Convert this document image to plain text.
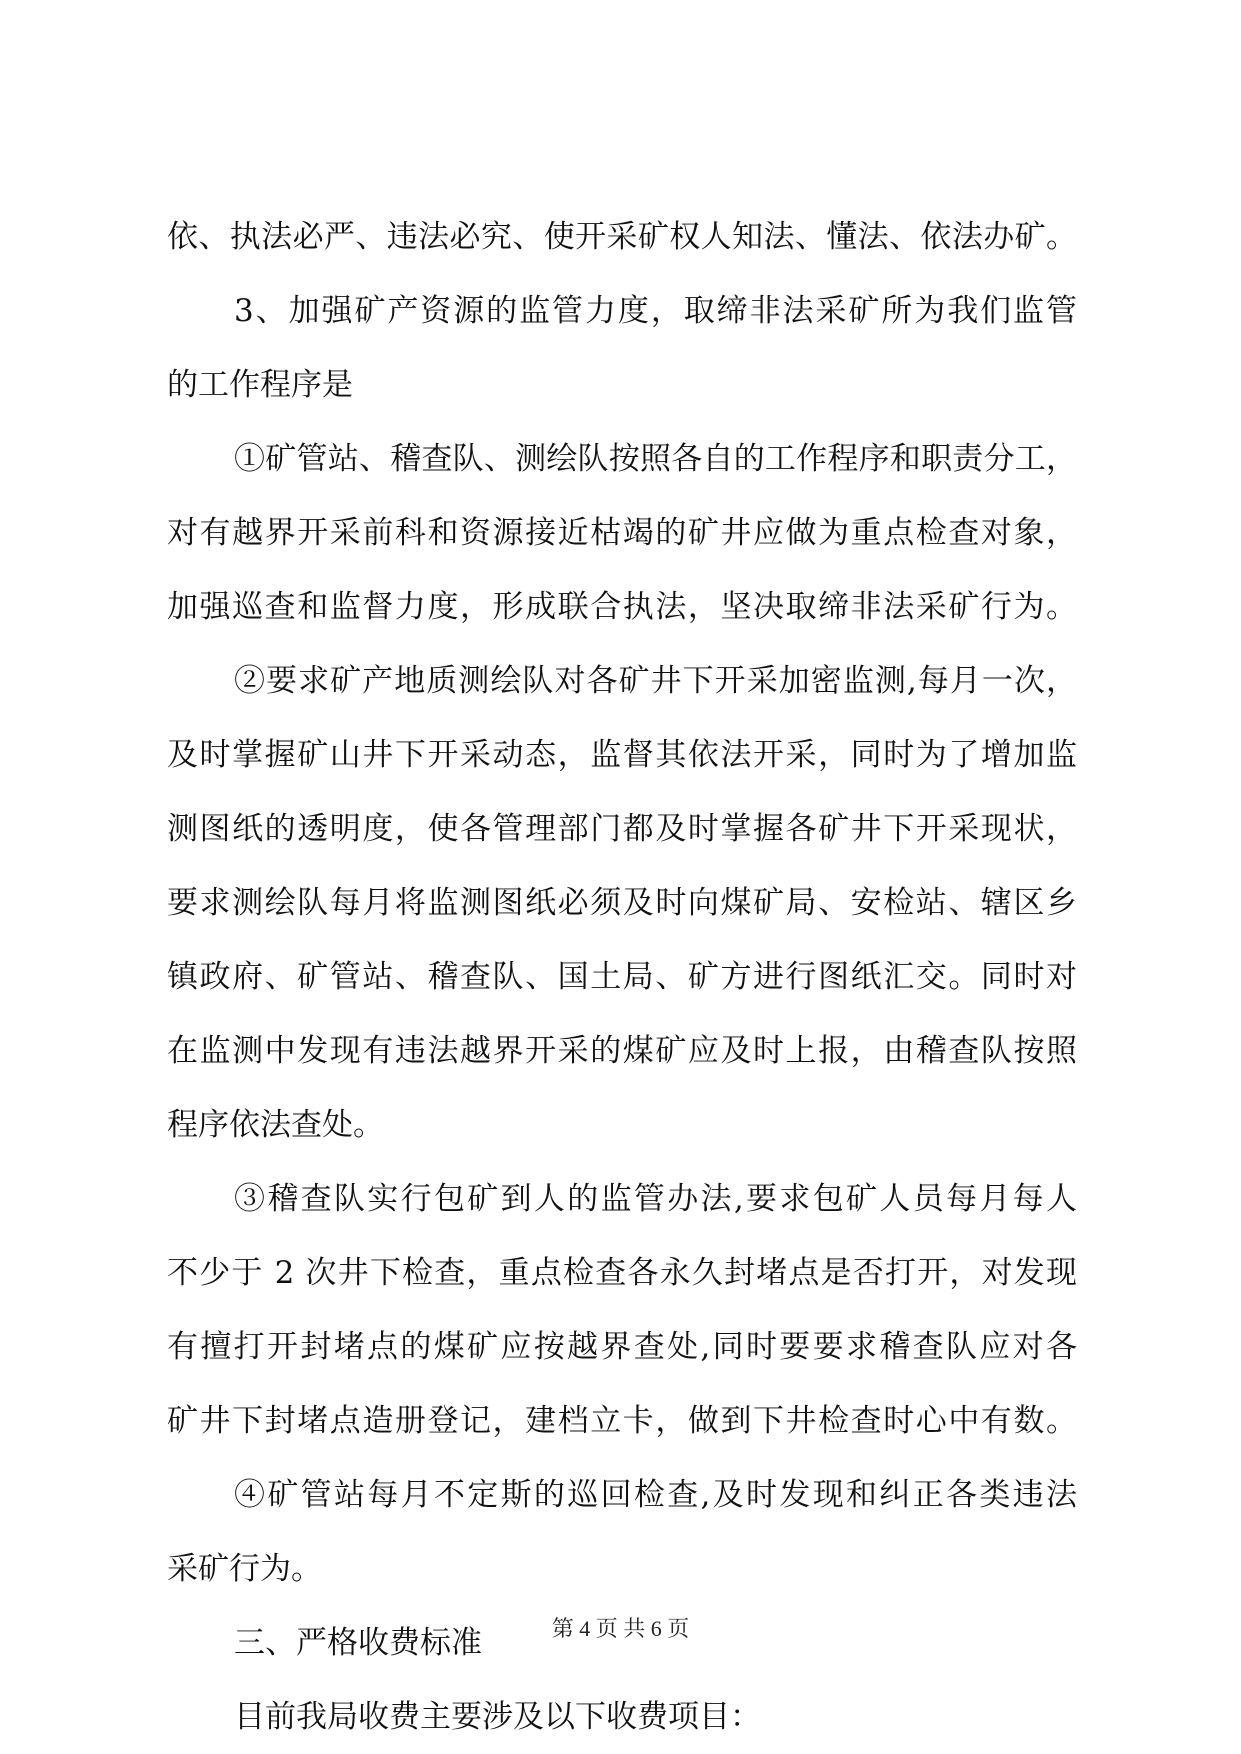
依、执法必严、违法必究、使开采矿权人知法、懂法、依法办矿。
3、加强矿产资源的监管力度，取缔非法采矿所为我们监管
的工作程序是
①矿管站、稽查队、测绘队按照各自的工作程序和职责分工，
对有越界开采前科和资源接近枯竭的矿井应做为重点检查对象，
加强巡查和监督力度，形成联合执法，坚决取缔非法采矿行为。
②要求矿产地质测绘队对各矿井下开采加密监测,每月一次，
及时掌握矿山井下开采动态，监督其依法开采，同时为了增加监
测图纸的透明度，使各管理部门都及时掌握各矿井下开采现状，
要求测绘队每月将监测图纸必须及时向煤矿局、安检站、辖区乡
镇政府、矿管站、稽查队、国土局、矿方进行图纸汇交。同时对
在监测中发现有违法越界开采的煤矿应及时上报，由稽查队按照
程序依法查处。
③稽查队实行包矿到人的监管办法,要求包矿人员每月每人
不少于 2 次井下检查，重点检查各永久封堵点是否打开，对发现
有擅打开封堵点的煤矿应按越界查处,同时要要求稽查队应对各
矿井下封堵点造册登记，建档立卡，做到下井检查时心中有数。
④矿管站每月不定斯的巡回检查,及时发现和纠正各类违法
采矿行为。
三、严格收费标准
目前我局收费主要涉及以下收费项目：
第 4 页 共 6 页
